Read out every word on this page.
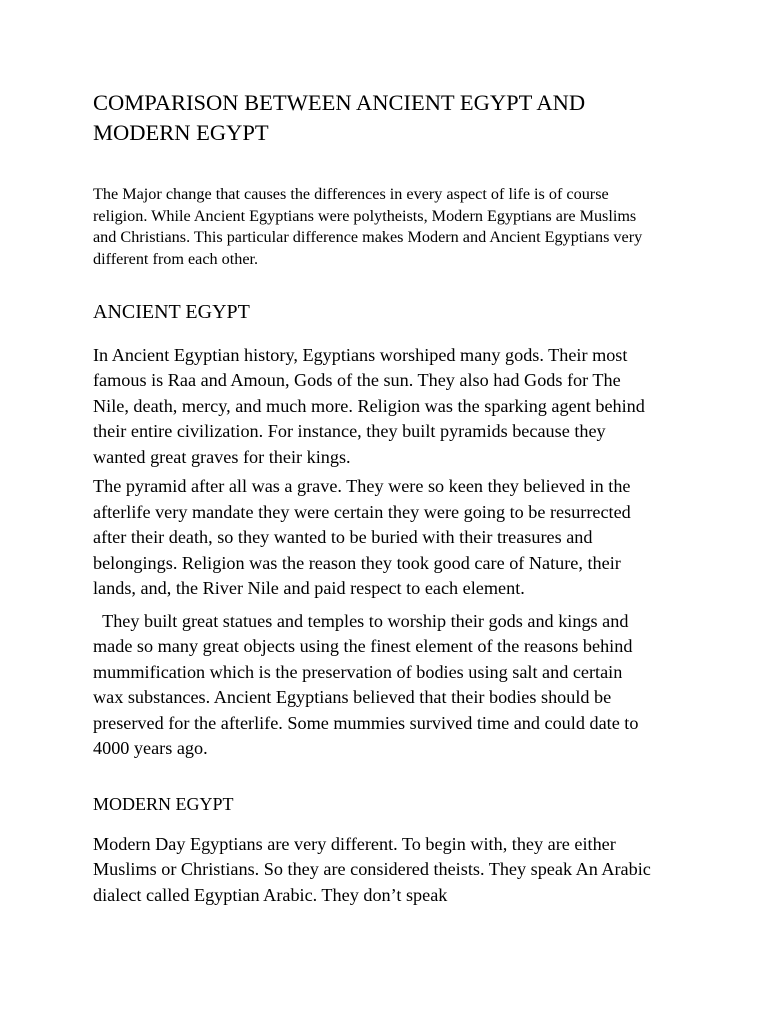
COMPARISON BETWEEN ANCIENT EGYPT AND MODERN EGYPT

The Major change that causes the differences in every aspect of life is of course religion. While Ancient Egyptians were polytheists, Modern Egyptians are Muslims and Christians. This particular difference makes Modern and Ancient Egyptians very different from each other.

ANCIENT EGYPT

In Ancient Egyptian history, Egyptians worshiped many gods. Their most famous is Raa and Amoun, Gods of the sun. They also had Gods for The Nile, death, mercy, and much more. Religion was the sparking agent behind their entire civilization. For instance, they built pyramids because they wanted great graves for their kings.

The pyramid after all was a grave. They were so keen they believed in the afterlife very mandate they were certain they were going to be resurrected after their death, so they wanted to be buried with their treasures and belongings. Religion was the reason they took good care of Nature, their lands, and, the River Nile and paid respect to each element.

They built great statues and temples to worship their gods and kings and made so many great objects using the finest element of the reasons behind mummification which is the preservation of bodies using salt and certain wax substances. Ancient Egyptians believed that their bodies should be preserved for the afterlife. Some mummies survived time and could date to 4000 years ago.

MODERN EGYPT

Modern Day Egyptians are very different. To begin with, they are either Muslims or Christians. So they are considered theists. They speak An Arabic dialect called Egyptian Arabic. They don’t speak
